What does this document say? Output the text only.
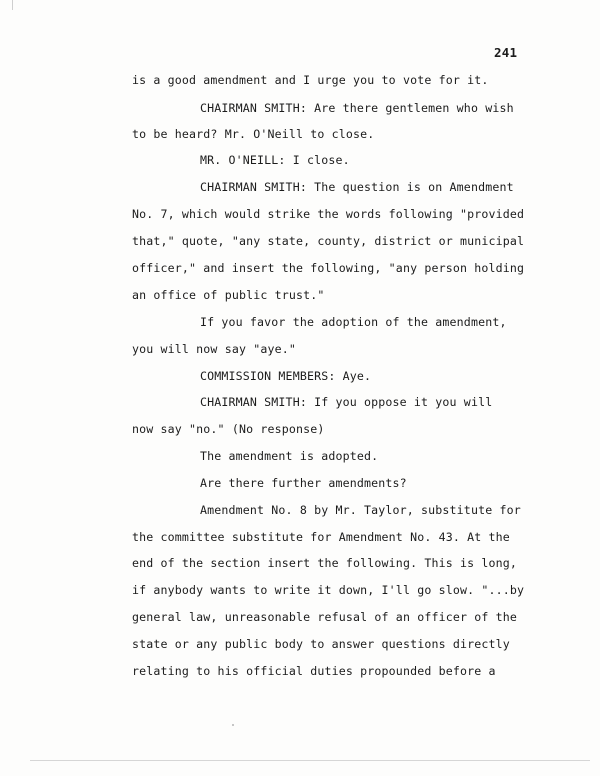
241
is a good amendment and I urge you to vote for it.
CHAIRMAN SMITH: Are there gentlemen who wish
to be heard? Mr. O'Neill to close.
MR. O'NEILL: I close.
CHAIRMAN SMITH: The question is on Amendment
No. 7, which would strike the words following "provided
that," quote, "any state, county, district or municipal
officer," and insert the following, "any person holding
an office of public trust."
If you favor the adoption of the amendment,
you will now say "aye."
COMMISSION MEMBERS: Aye.
CHAIRMAN SMITH: If you oppose it you will
now say "no." (No response)
The amendment is adopted.
Are there further amendments?
Amendment No. 8 by Mr. Taylor, substitute for
the committee substitute for Amendment No. 43. At the
end of the section insert the following. This is long,
if anybody wants to write it down, I'll go slow. "...by
general law, unreasonable refusal of an officer of the
state or any public body to answer questions directly
relating to his official duties propounded before a
